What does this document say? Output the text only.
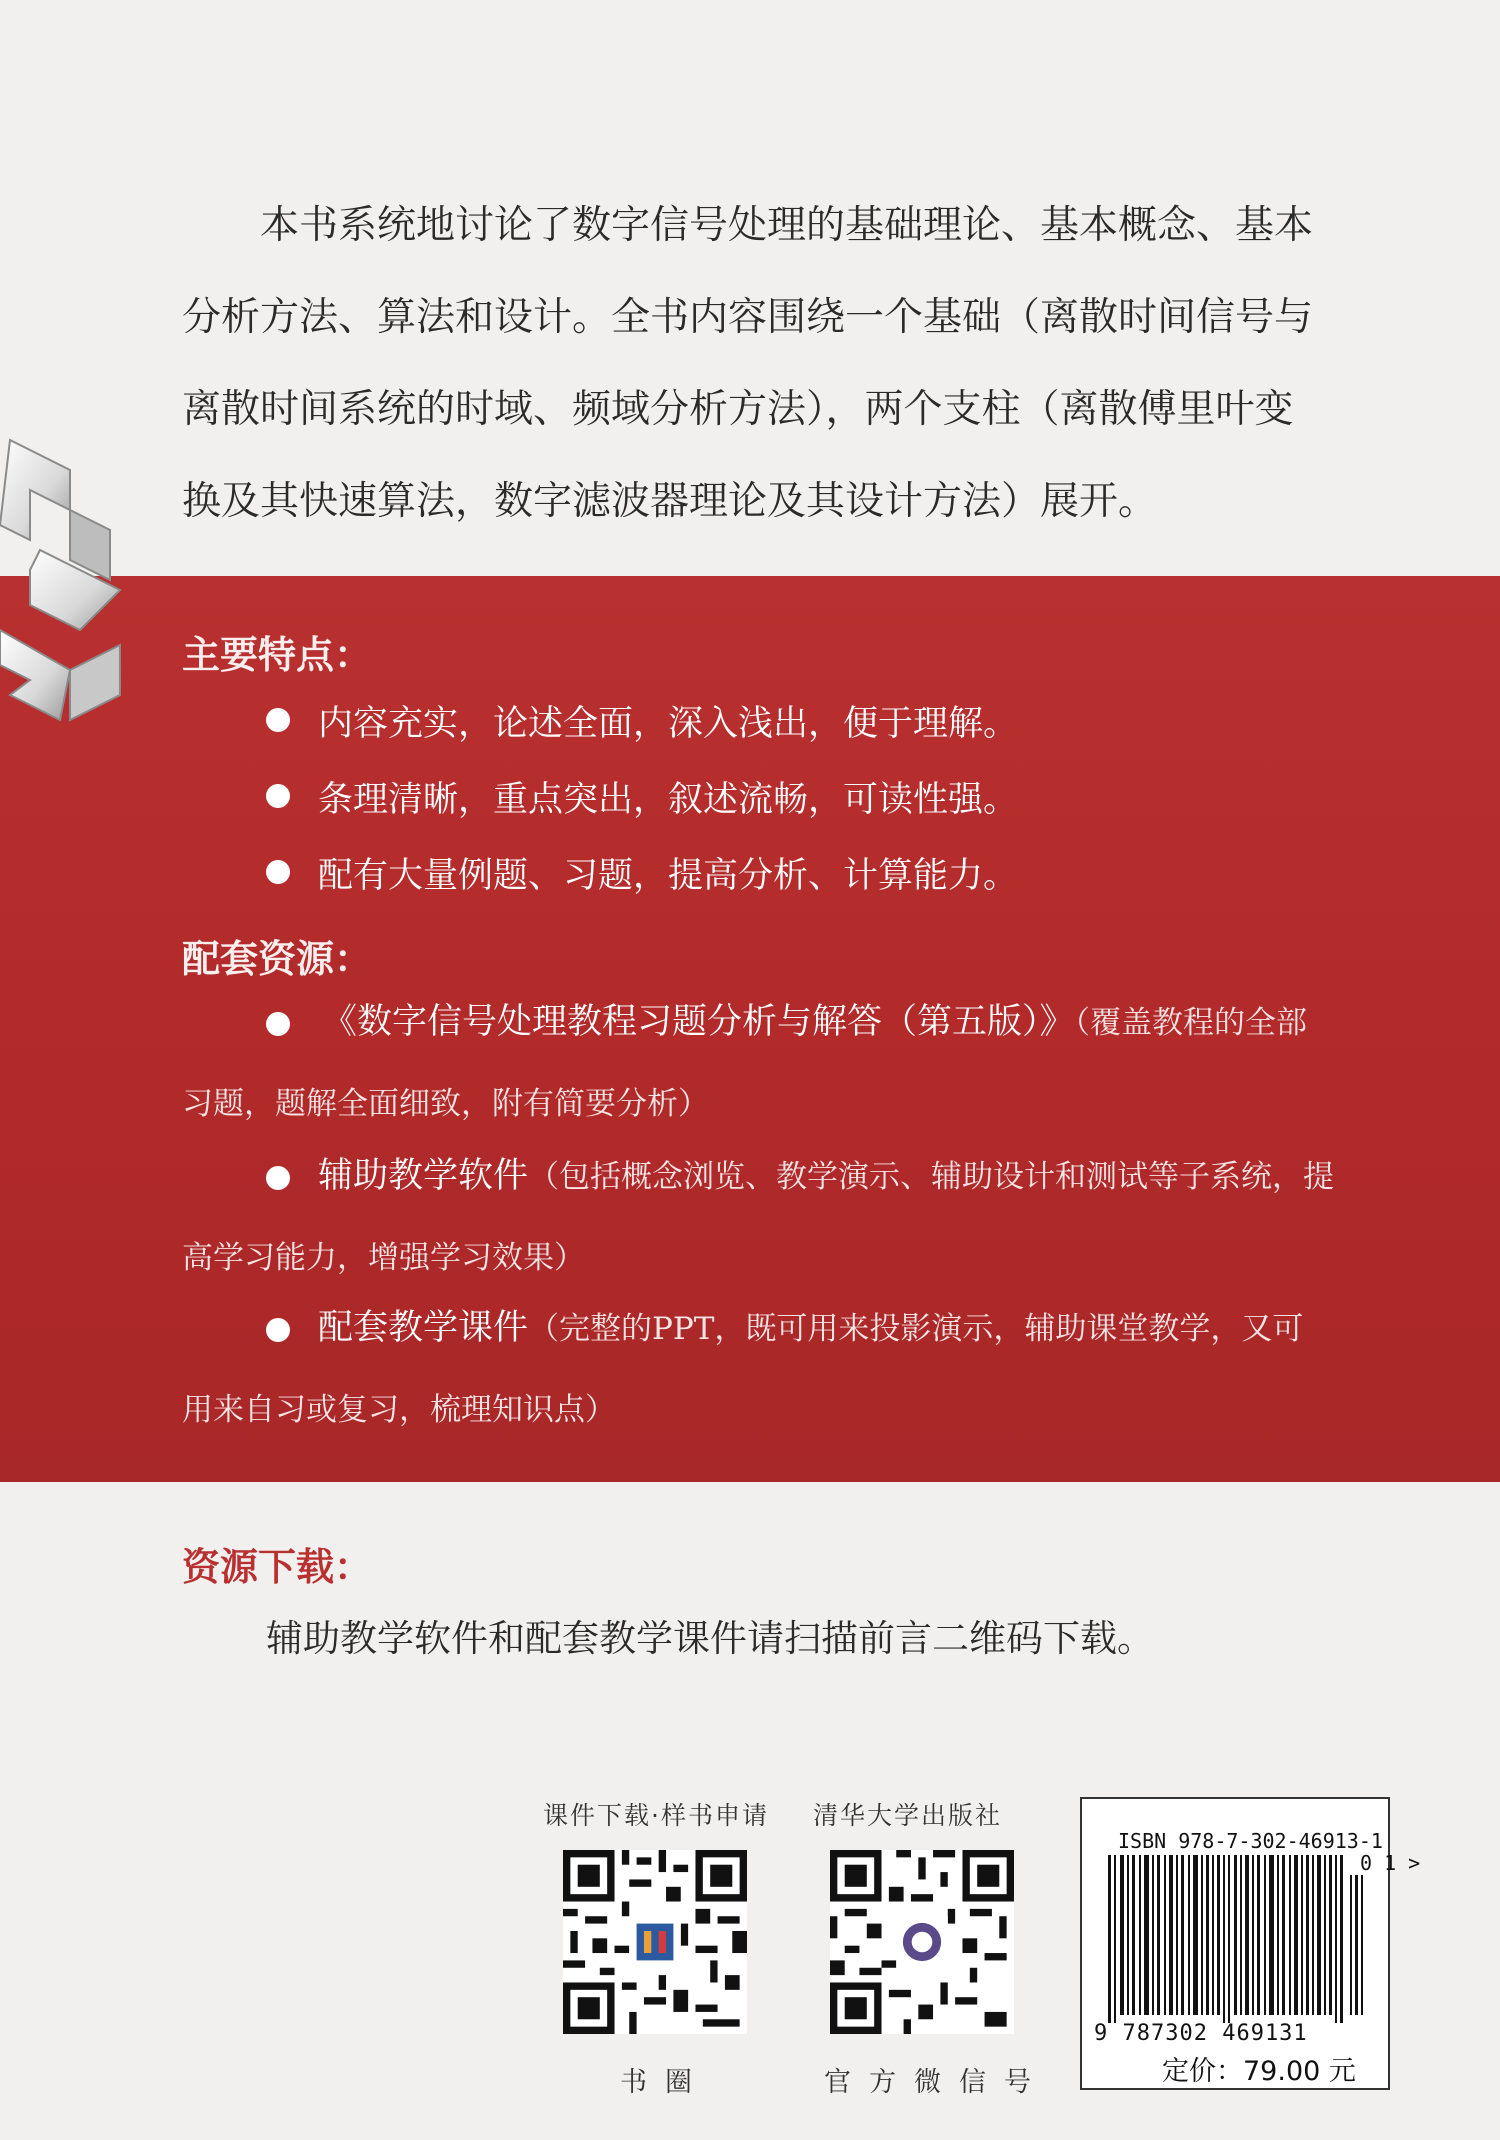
本书系统地讨论了数字信号处理的基础理论、基本概念、基本

分析方法、算法和设计。全书内容围绕一个基础（离散时间信号与

离散时间系统的时域、频域分析方法），两个支柱（离散傅里叶变

换及其快速算法，数字滤波器理论及其设计方法）展开。

主要特点：
内容充实，论述全面，深入浅出，便于理解。
条理清晰，重点突出，叙述流畅，可读性强。
配有大量例题、习题，提高分析、计算能力。
配套资源：
《数字信号处理教程习题分析与解答（第五版）》（覆盖教程的全部
习题，题解全面细致，附有简要分析）
辅助教学软件（包括概念浏览、教学演示、辅助设计和测试等子系统，提
高学习能力，增强学习效果）
配套教学课件（完整的PPT，既可用来投影演示，辅助课堂教学，又可
用来自习或复习，梳理知识点）
资源下载：
辅助教学软件和配套教学课件请扫描前言二维码下载。
课件下载·样书申请
书圈
清华大学出版社
官方微信号
ISBN 978-7-302-46913-1
0 1 >
9 787302 469131
定价：79.00 元
